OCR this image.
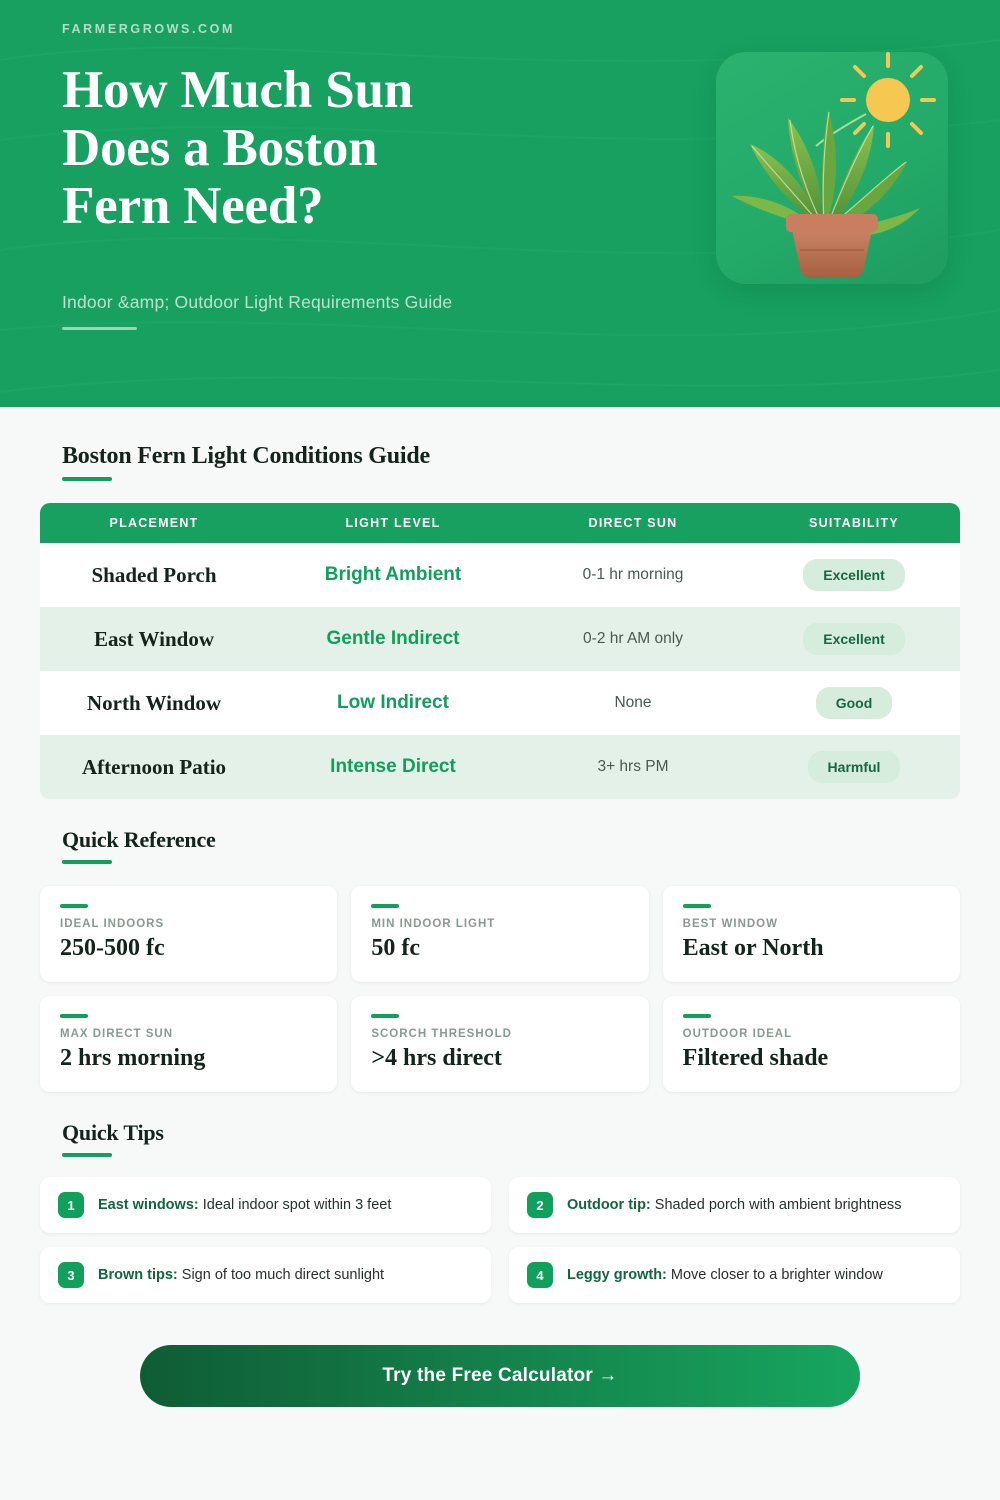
FARMERGROWS.COM
How Much Sun
Does a Boston
Fern Need?
Indoor &amp; Outdoor Light Requirements Guide
Boston Fern Light Conditions Guide
PLACEMENT	LIGHT LEVEL	DIRECT SUN	SUITABILITY
Shaded Porch	Bright Ambient	0-1 hr morning	Excellent
East Window	Gentle Indirect	0-2 hr AM only	Excellent
North Window	Low Indirect	None	Good
Afternoon Patio	Intense Direct	3+ hrs PM	Harmful
Quick Reference
IDEAL INDOORS
250-500 fc
MIN INDOOR LIGHT
50 fc
BEST WINDOW
East or North
MAX DIRECT SUN
2 hrs morning
SCORCH THRESHOLD
>4 hrs direct
OUTDOOR IDEAL
Filtered shade
Quick Tips
1	East windows: Ideal indoor spot within 3 feet	2	Outdoor tip: Shaded porch with ambient brightness
3	Brown tips: Sign of too much direct sunlight	4	Leggy growth: Move closer to a brighter window
Try the Free Calculator →
